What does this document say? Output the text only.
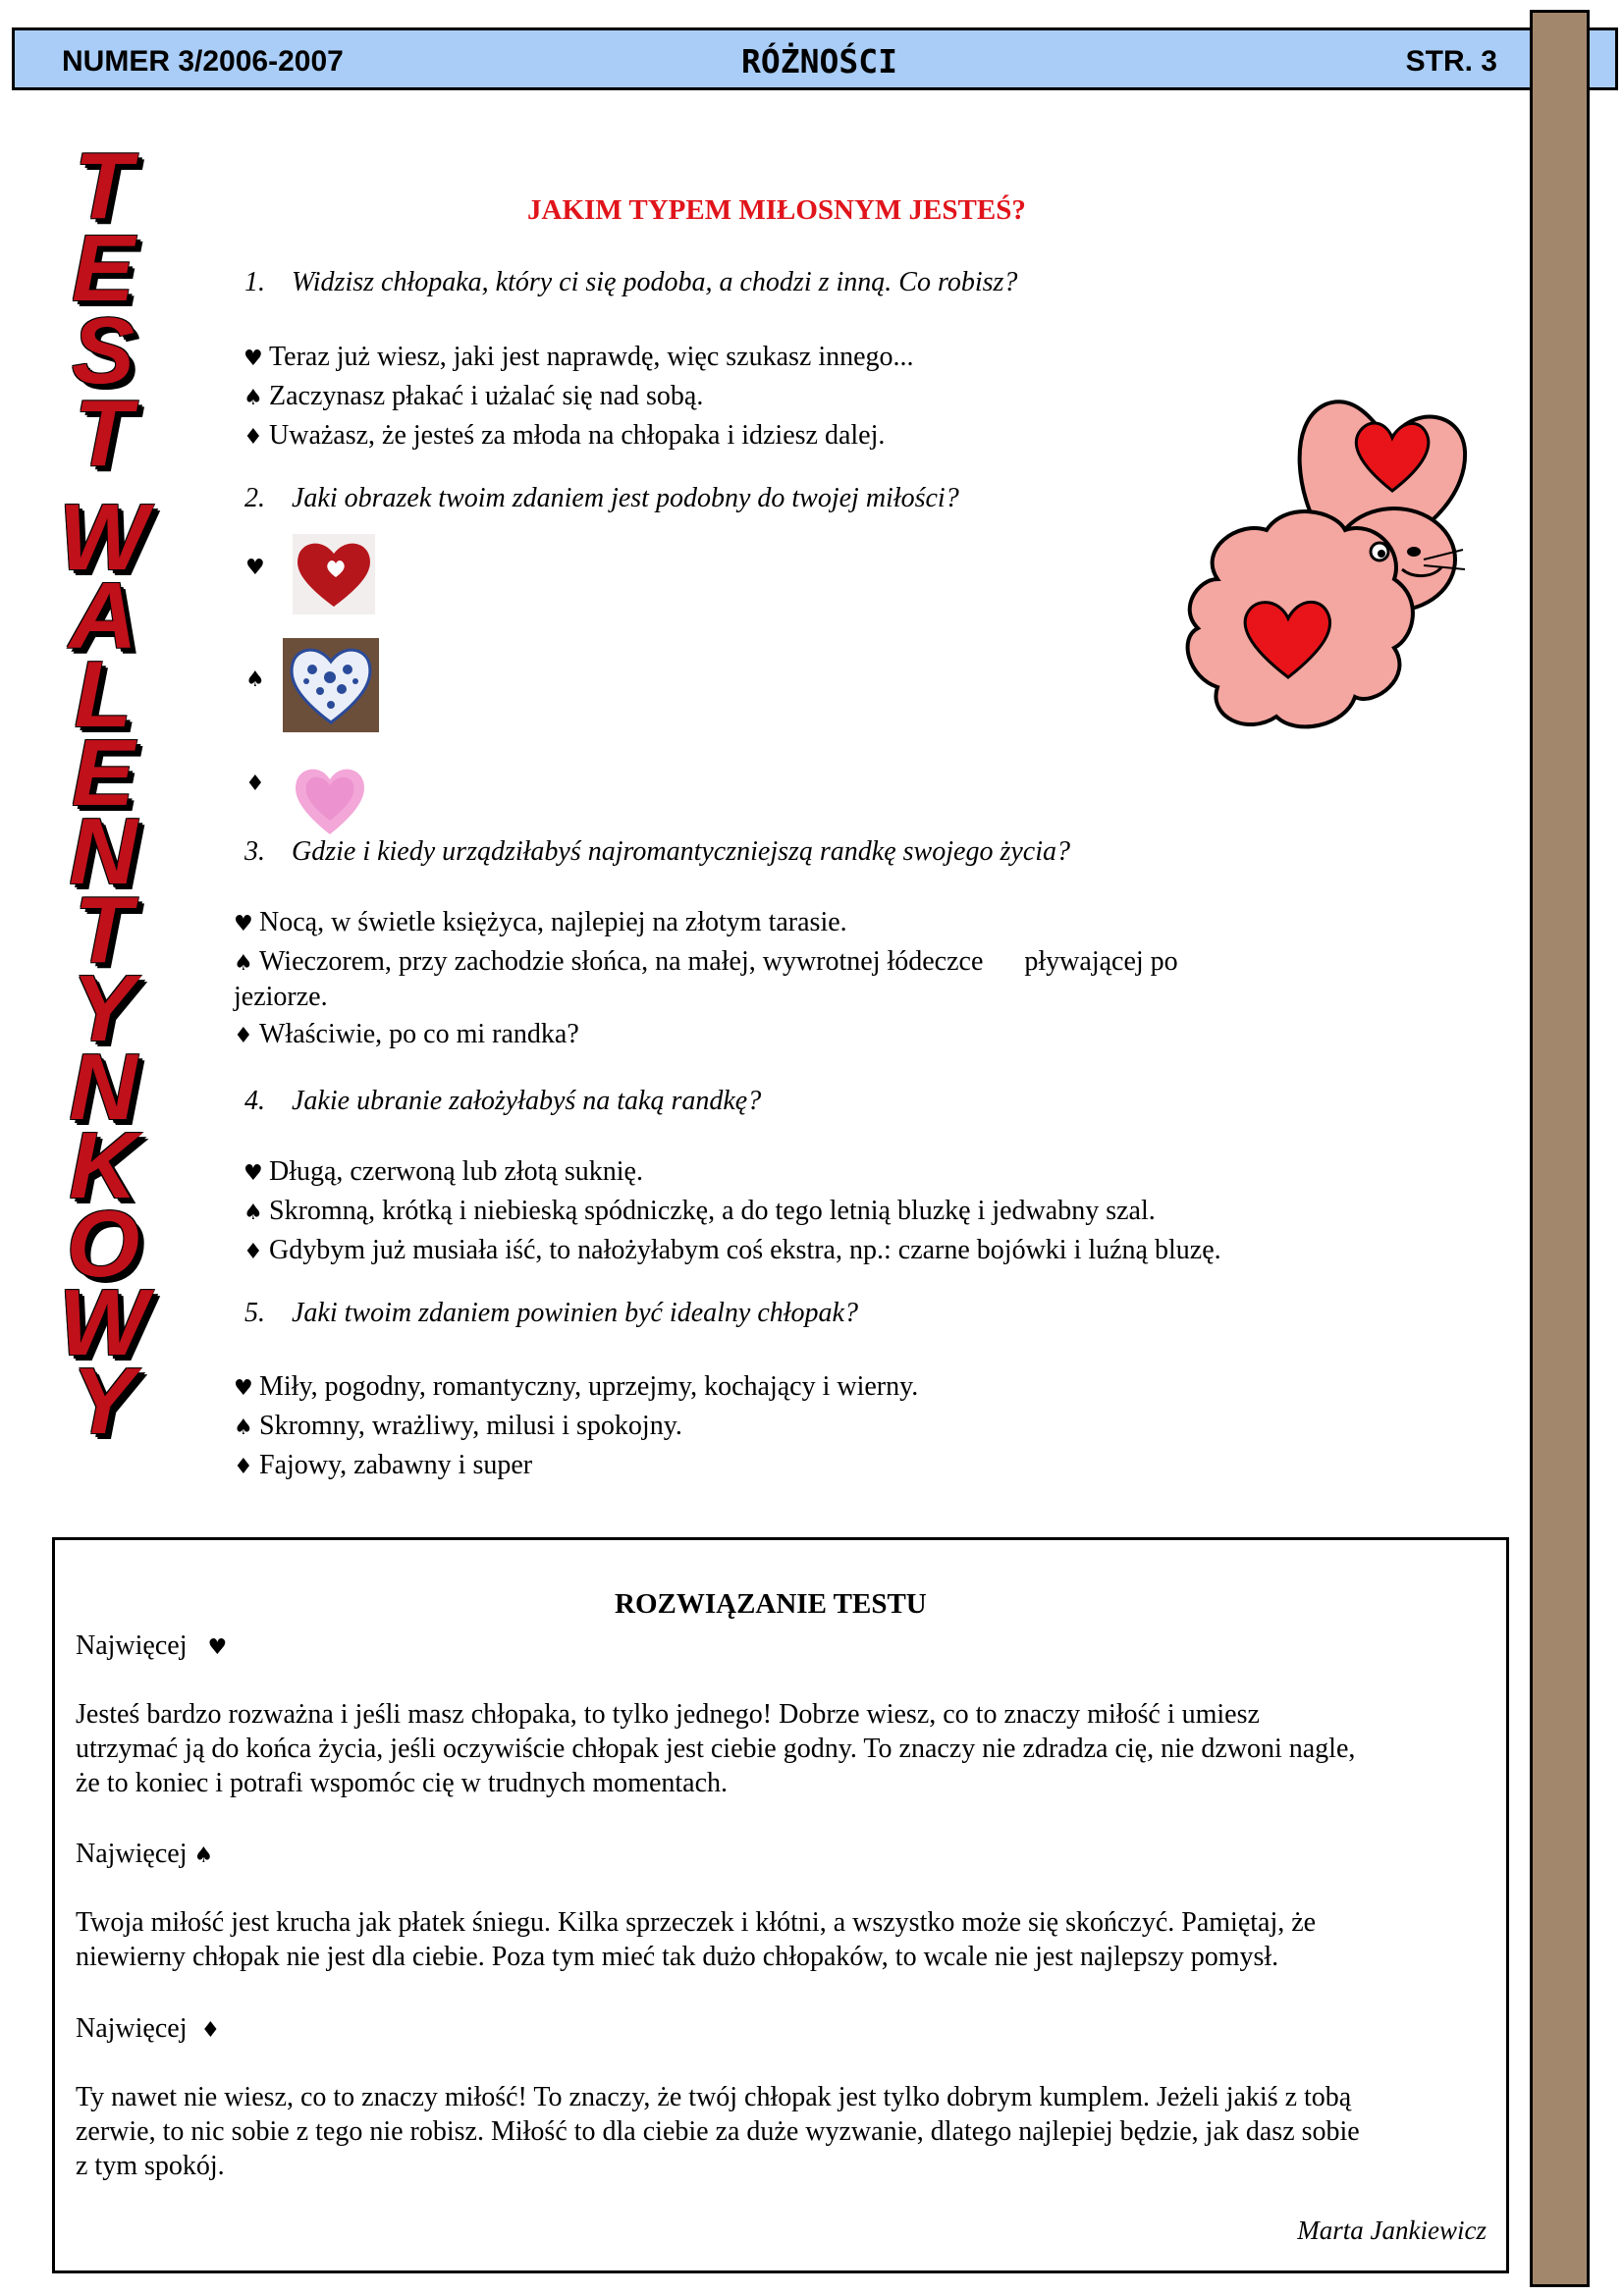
NUMER 3/2006-2007	RÓŻNOŚCI	STR. 3
T
E
S
T
W
A
L
E
N
T
Y
N
K
O
W
Y
JAKIM TYPEM MIŁOSNYM JESTEŚ?
1. Widzisz chłopaka, który ci się podoba, a chodzi z inną. Co robisz?
♥ Teraz już wiesz, jaki jest naprawdę, więc szukasz innego...
♠ Zaczynasz płakać i użalać się nad sobą.
♦ Uważasz, że jesteś za młoda na chłopaka i idziesz dalej.
2. Jaki obrazek twoim zdaniem jest podobny do twojej miłości?
♥
♠
♦
3. Gdzie i kiedy urządziłabyś najromantyczniejszą randkę swojego życia?
♥ Nocą, w świetle księżyca, najlepiej na złotym tarasie.
♠ Wieczorem, przy zachodzie słońca, na małej, wywrotnej łódeczce      pływającej po
jeziorze.
♦ Właściwie, po co mi randka?
4. Jakie ubranie założyłabyś na taką randkę?
♥ Długą, czerwoną lub złotą suknię.
♠ Skromną, krótką i niebieską spódniczkę, a do tego letnią bluzkę i jedwabny szal.
♦ Gdybym już musiała iść, to nałożyłabym coś ekstra, np.: czarne bojówki i luźną bluzę.
5. Jaki twoim zdaniem powinien być idealny chłopak?
♥ Miły, pogodny, romantyczny, uprzejmy, kochający i wierny.
♠ Skromny, wrażliwy, milusi i spokojny.
♦ Fajowy, zabawny i super
ROZWIĄZANIE TESTU
Najwięcej ♥
Jesteś bardzo rozważna i jeśli masz chłopaka, to tylko jednego! Dobrze wiesz, co to znaczy miłość i umiesz
utrzymać ją do końca życia, jeśli oczywiście chłopak jest ciebie godny. To znaczy nie zdradza cię, nie dzwoni nagle,
że to koniec i potrafi wspomóc cię w trudnych momentach.
Najwięcej ♠
Twoja miłość jest krucha jak płatek śniegu. Kilka sprzeczek i kłótni, a wszystko może się skończyć. Pamiętaj, że
niewierny chłopak nie jest dla ciebie. Poza tym mieć tak dużo chłopaków, to wcale nie jest najlepszy pomysł.
Najwięcej ♦
Ty nawet nie wiesz, co to znaczy miłość! To znaczy, że twój chłopak jest tylko dobrym kumplem. Jeżeli jakiś z tobą
zerwie, to nic sobie z tego nie robisz. Miłość to dla ciebie za duże wyzwanie, dlatego najlepiej będzie, jak dasz sobie
z tym spokój.
Marta Jankiewicz
